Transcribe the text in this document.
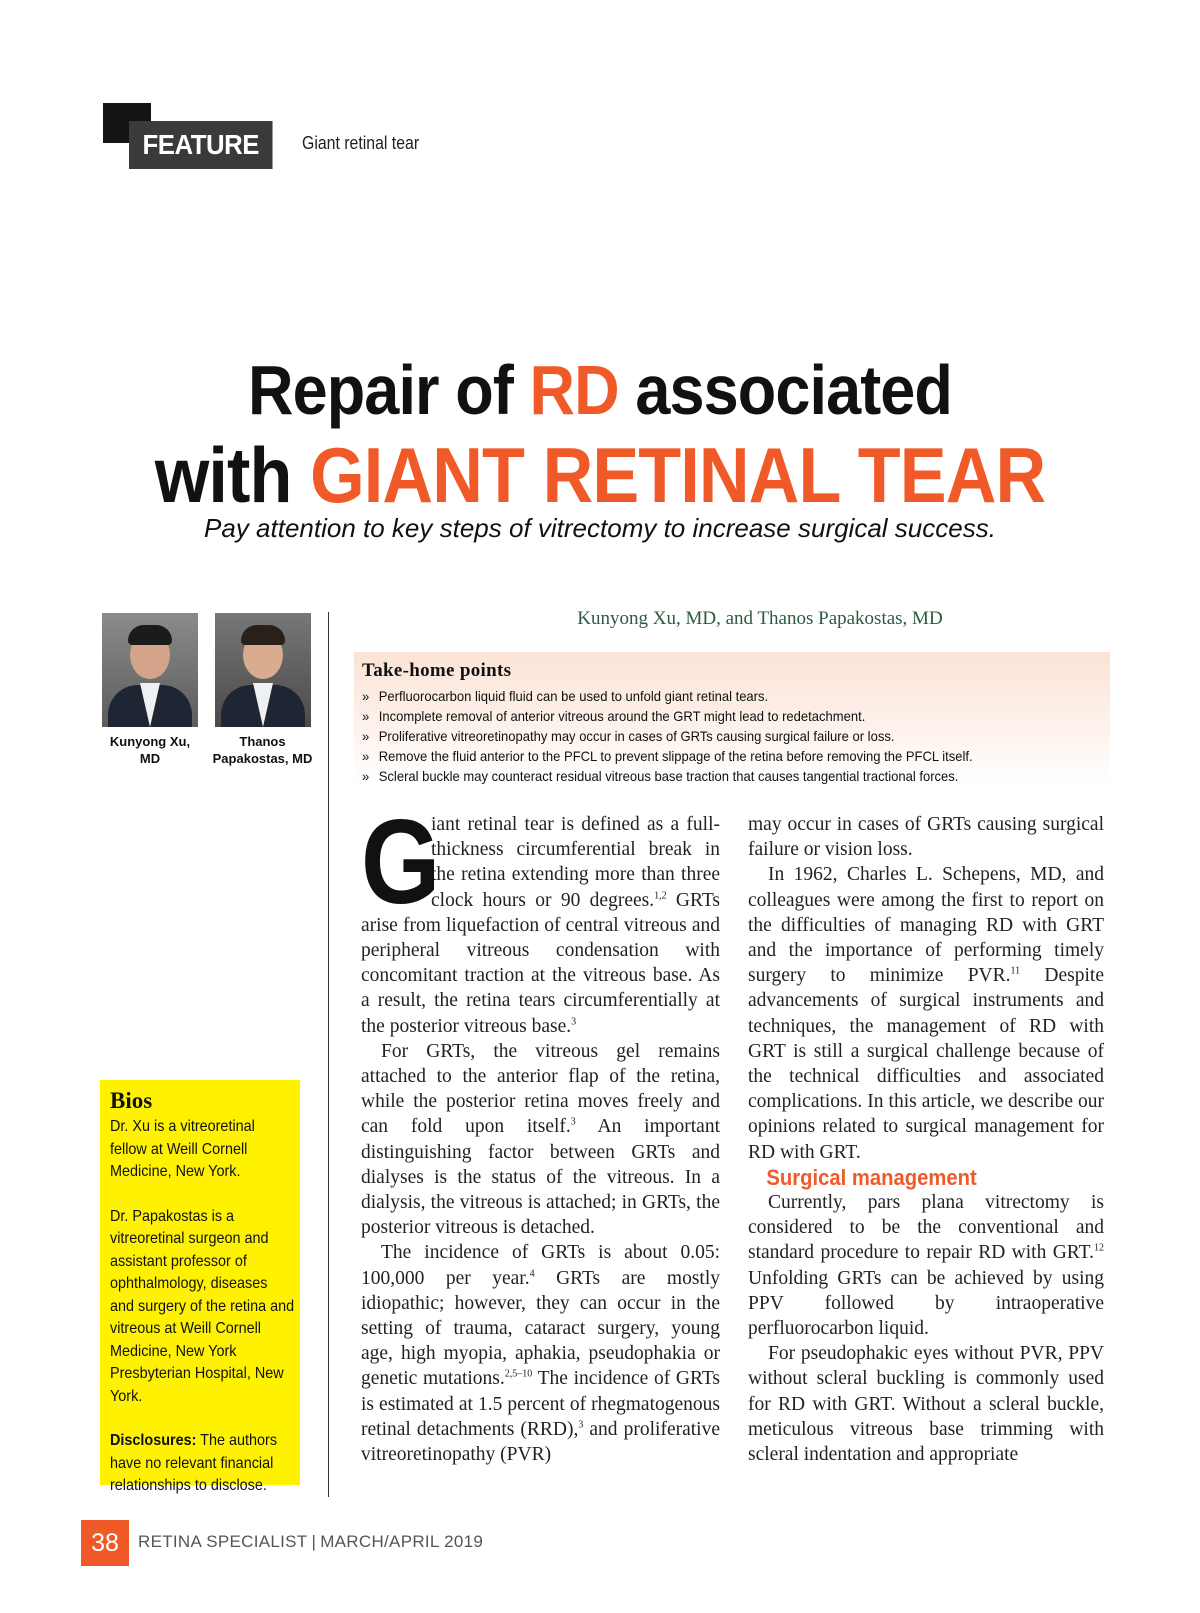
FEATURE	Giant retinal tear
Repair of RD associated
with GIANT RETINAL TEAR
Pay attention to key steps of vitrectomy to increase surgical success.
Kunyong Xu,
MD
Thanos
Papakostas, MD
Kunyong Xu, MD, and Thanos Papakostas, MD
Take-home points
» Perfluorocarbon liquid fluid can be used to unfold giant retinal tears.
» Incomplete removal of anterior vitreous around the GRT might lead to redetachment.
» Proliferative vitreoretinopathy may occur in cases of GRTs causing surgical failure or loss.
» Remove the fluid anterior to the PFCL to prevent slippage of the retina before removing the PFCL itself.
» Scleral buckle may counteract residual vitreous base traction that causes tangential tractional forces.

G
iant retinal tear is defined as a full-thickness circumferential break in the retina extending more than three clock hours or 90 degrees.$^{1,2}$ GRTs arise from liquefaction of central vitreous and peripheral vitreous condensation with concomitant traction at the vitreous base. As a result, the retina tears circumferentially at the posterior vitreous base.$^3$

For GRTs, the vitreous gel remains attached to the anterior flap of the retina, while the posterior retina moves freely and can fold upon itself.$^3$ An important distinguishing factor between GRTs and dialyses is the status of the vitreous. In a dialysis, the vitreous is attached; in GRTs, the posterior vitreous is detached.

The incidence of GRTs is about 0.05: 100,000 per year.$^4$ GRTs are mostly idiopathic; however, they can occur in the setting of trauma, cataract surgery, young age, high myopia, aphakia, pseudophakia or genetic mutations.$^{2,5-10}$ The incidence of GRTs is estimated at 1.5 percent of rhegmatogenous retinal detachments (RRD),$^3$ and proliferative vitreoretinopathy (PVR)

may occur in cases of GRTs causing surgical failure or vision loss.

In 1962, Charles L. Schepens, MD, and colleagues were among the first to report on the difficulties of managing RD with GRT and the importance of performing timely surgery to minimize PVR.$^{11}$ Despite advancements of surgical instruments and techniques, the management of RD with GRT is still a surgical challenge because of the technical difficulties and associated complications. In this article, we describe our opinions related to surgical management for RD with GRT.

Surgical management

Currently, pars plana vitrectomy is considered to be the conventional and standard procedure to repair RD with GRT.$^{12}$ Unfolding GRTs can be achieved by using PPV followed by intraoperative perfluorocarbon liquid.

For pseudophakic eyes without PVR, PPV without scleral buckling is commonly used for RD with GRT. Without a scleral buckle, meticulous vitreous base trimming with scleral indentation and appropriate

Bios

Dr. Xu is a vitreoretinal fellow at Weill Cornell Medicine, New York.

Dr. Papakostas is a vitreoretinal surgeon and assistant professor of ophthalmology, diseases and surgery of the retina and vitreous at Weill Cornell Medicine, New York Presbyterian Hospital, New York.

Disclosures: The authors have no relevant financial relationships to disclose.

38	RETINA SPECIALIST | MARCH/APRIL 2019
